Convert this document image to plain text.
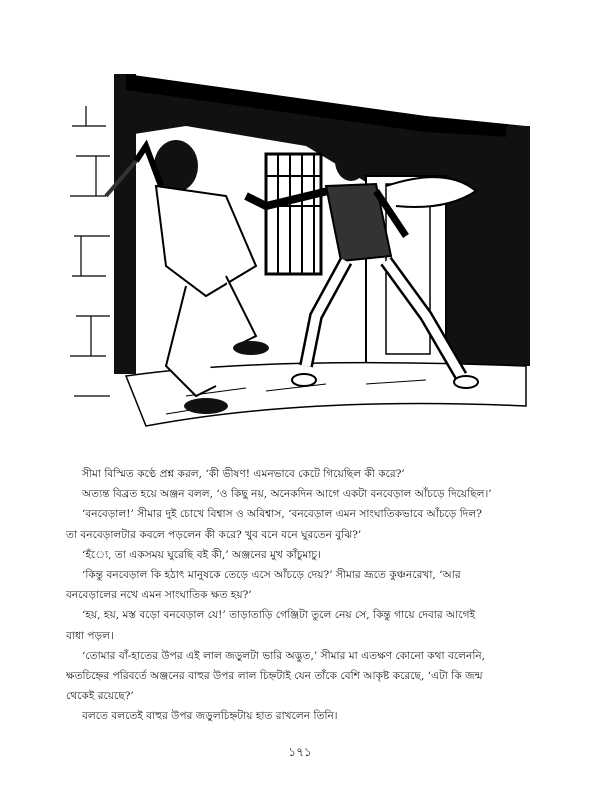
সীমা বিস্মিত কণ্ঠে প্রশ্ন করল, ‘কী ভীষণ! এমনভাবে কেটে গিয়েছিল কী করে?’

অত্যন্ত বিব্রত হয়ে অঞ্জন বলল, ‘ও কিছু নয়, অনেকদিন আগে একটা বনবেড়াল আঁচড়ে দিয়েছিল।’

‘বনবেড়াল!’ সীমার দুই চোখে বিশ্বাস ও অবিশ্বাস, ‘বনবেড়াল এমন সাংঘাতিকভাবে আঁচড়ে দিল?

তা বনবেড়ালটার কবলে পড়লেন কী করে? খুব বনে বনে ঘুরতেন বুঝি?’

‘হঁ্যে, তা একসময় ঘুরেছি বই কী,’ অঞ্জনের মুখ কাঁচুমাচু।

‘কিন্তু বনবেড়াল কি হঠাৎ মানুষকে তেড়ে এসে আঁচড়ে দেয়?’ সীমার ভ্রূতে কুঞ্চনরেখা, ‘আর

বনবেড়ালের নখে এমন সাংঘাতিক ক্ষত হয়?’

‘হয়, হয়, মস্ত বড়ো বনবেড়াল যে!’ তাড়াতাড়ি গেঞ্জিটা তুলে নেয় সে, কিন্তু গায়ে দেবার আগেই

বাধা পড়ল।

‘তোমার বাঁ-হাতের উপর এই লাল জড়ুলটা ভারি অদ্ভুত,’ সীমার মা এতক্ষণ কোনো কথা বলেননি,

ক্ষতচিহ্নের পরিবর্তে অঞ্জনের বাহুর উপর লাল চিহ্নটাই যেন তাঁকে বেশি আকৃষ্ট করেছে, ‘এটা কি জন্ম

থেকেই রয়েছে?’

বলতে বলতেই বাহুর উপর জড়ুলচিহ্নটায় হাত রাখলেন তিনি।

১৭১
